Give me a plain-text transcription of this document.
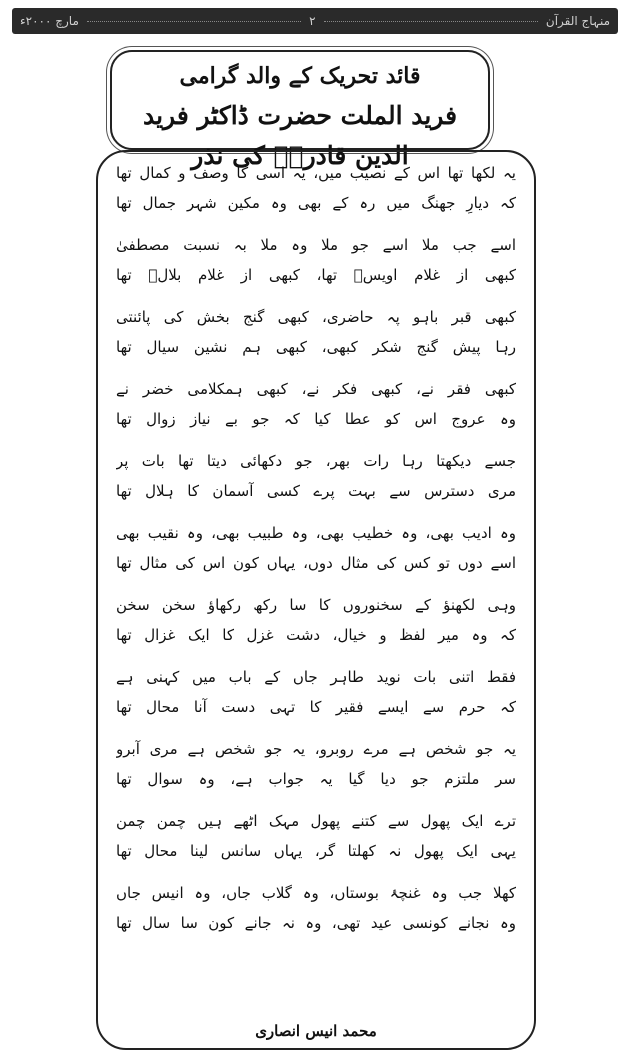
منہاج القرآن
۲
مارچ ۲۰۰۰ء
قائد تحریک کے والد گرامی
فرید الملت حضرت ڈاکٹر فرید الدین قادریؒ کی نذر
یہ لکھا تھا اس کے نصیب میں، یہ اسی کا وصف و کمال تھا
کہ دیارِ جھنگ میں رہ کے بھی وہ مکین شہر جمال تھا
اسے جب ملا اسے جو ملا وہ ملا بہ نسبت مصطفیٰ
کبھی از غلام اویسؓ تھا، کبھی از غلام بلالؓ تھا
کبھی قبر باہو پہ حاضری، کبھی گنج بخش کی پائنتی
رہا پیش گنج شکر کبھی، کبھی ہم نشین سیال تھا
کبھی فقر نے، کبھی فکر نے، کبھی ہمکلامی خضر نے
وہ عروج اس کو عطا کیا کہ جو بے نیاز زوال تھا
جسے دیکھتا رہا رات بھر، جو دکھائی دیتا تھا بات پر
مری دسترس سے بہت پرے کسی آسمان کا ہلال تھا
وہ ادیب بھی، وہ خطیب بھی، وہ طبیب بھی، وہ نقیب بھی
اسے دوں تو کس کی مثال دوں، یہاں کون اس کی مثال تھا
وہی لکھنؤ کے سخنوروں کا سا رکھ رکھاؤ سخن سخن
کہ وہ میر لفظ و خیال، دشت غزل کا ایک غزال تھا
فقط اتنی بات نوید طاہر جاں کے باب میں کہنی ہے
کہ حرم سے ایسے فقیر کا تہی دست آنا محال تھا
یہ جو شخص ہے مرے روبرو، یہ جو شخص ہے مری آبرو
سر ملتزم جو دیا گیا یہ جواب ہے، وہ سوال تھا
ترے ایک پھول سے کتنے پھول مہک اٹھے ہیں چمن چمن
یہی ایک پھول نہ کھلتا گر، یہاں سانس لینا محال تھا
کھلا جب وہ غنچۂ بوستاں، وہ گلاب جاں، وہ انیس جاں
وہ نجانے کونسی عید تھی، وہ نہ جانے کون سا سال تھا
محمد انیس انصاری
